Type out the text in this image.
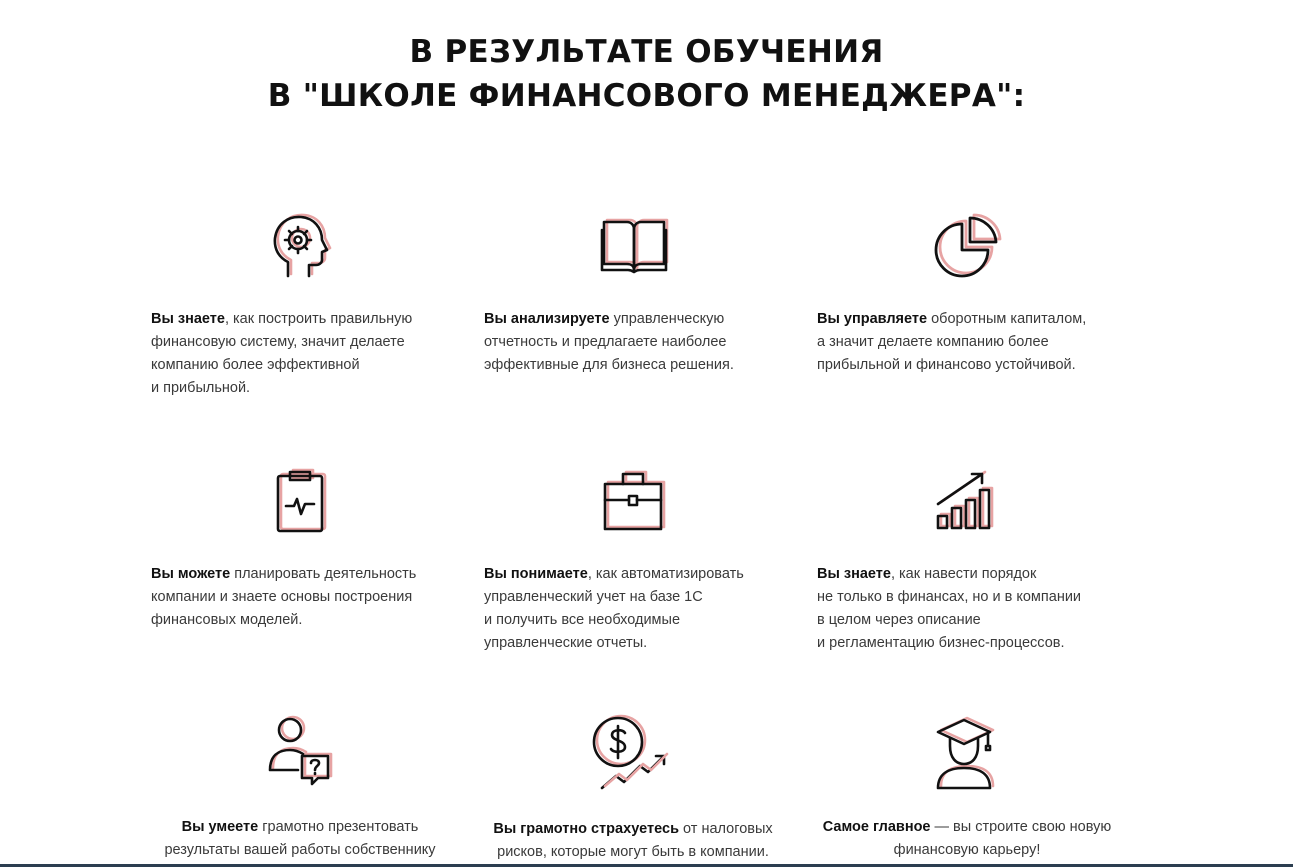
В РЕЗУЛЬТАТЕ ОБУЧЕНИЯ
В "ШКОЛЕ ФИНАНСОВОГО МЕНЕДЖЕРА":
Вы знаете, как построить правильную
финансовую систему, значит делаете
компанию более эффективной
и прибыльной.
Вы анализируете управленческую
отчетность и предлагаете наиболее
эффективные для бизнеса решения.
Вы управляете оборотным капиталом,
а значит делаете компанию более
прибыльной и финансово устойчивой.
Вы можете планировать деятельность
компании и знаете основы построения
финансовых моделей.
Вы понимаете, как автоматизировать
управленческий учет на базе 1С
и получить все необходимые
управленческие отчеты.
Вы знаете, как навести порядок
не только в финансах, но и в компании
в целом через описание
и регламентацию бизнес-процессов.
Вы умеете грамотно презентовать
результаты вашей работы собственнику
Вы грамотно страхуетесь от налоговых
рисков, которые могут быть в компании.
Самое главное — вы строите свою новую
финансовую карьеру!
